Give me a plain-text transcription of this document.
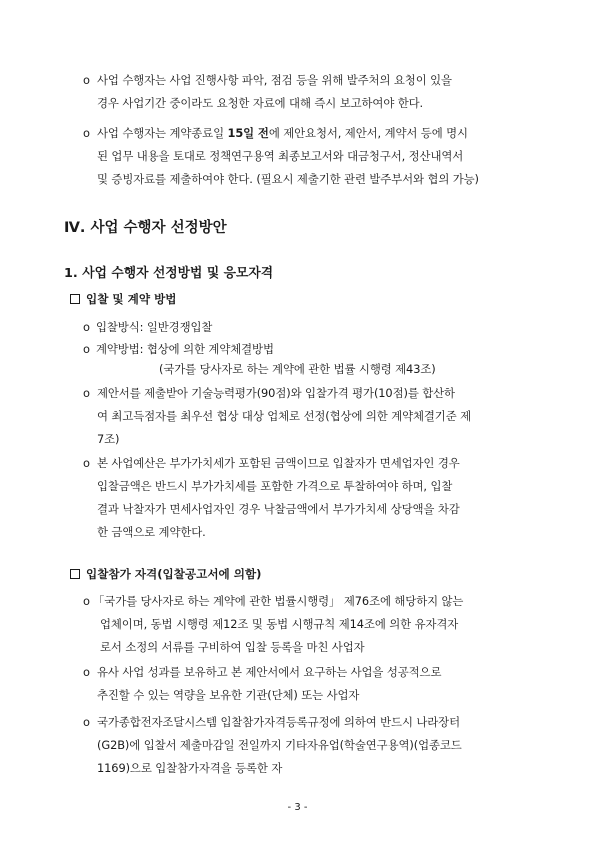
o 사업 수행자는 사업 진행사항 파악, 점검 등을 위해 발주처의 요청이 있을
경우 사업기간 중이라도 요청한 자료에 대해 즉시 보고하여야 한다.
o 사업 수행자는 계약종료일 15일 전에 제안요청서, 제안서, 계약서 등에 명시
된 업무 내용을 토대로 정책연구용역 최종보고서와 대금청구서, 정산내역서
및 증빙자료를 제출하여야 한다. (필요시 제출기한 관련 발주부서와 협의 가능)
Ⅳ. 사업 수행자 선정방안
1. 사업 수행자 선정방법 및 응모자격
입찰 및 계약 방법
o 입찰방식: 일반경쟁입찰
o 계약방법: 협상에 의한 계약체결방법
(국가를 당사자로 하는 계약에 관한 법률 시행령 제43조)
o 제안서를 제출받아 기술능력평가(90점)와 입찰가격 평가(10점)를 합산하
여 최고득점자를 최우선 협상 대상 업체로 선정(협상에 의한 계약체결기준 제
7조)
o 본 사업예산은 부가가치세가 포함된 금액이므로 입찰자가 면세업자인 경우
입찰금액은 반드시 부가가치세를 포함한 가격으로 투찰하여야 하며, 입찰
결과 낙찰자가 면세사업자인 경우 낙찰금액에서 부가가치세 상당액을 차감
한 금액으로 계약한다.
입찰참가 자격(입찰공고서에 의함)
o 「국가를 당사자로 하는 계약에 관한 법률시행령」 제76조에 해당하지 않는
업체이며, 동법 시행령 제12조 및 동법 시행규칙 제14조에 의한 유자격자
로서 소정의 서류를 구비하여 입찰 등록을 마친 사업자
o 유사 사업 성과를 보유하고 본 제안서에서 요구하는 사업을 성공적으로
추진할 수 있는 역량을 보유한 기관(단체) 또는 사업자
o 국가종합전자조달시스템 입찰참가자격등록규정에 의하여 반드시 나라장터
(G2B)에 입찰서 제출마감일 전일까지 기타자유업(학술연구용역)(업종코드
1169)으로 입찰참가자격을 등록한 자
- 3 -
